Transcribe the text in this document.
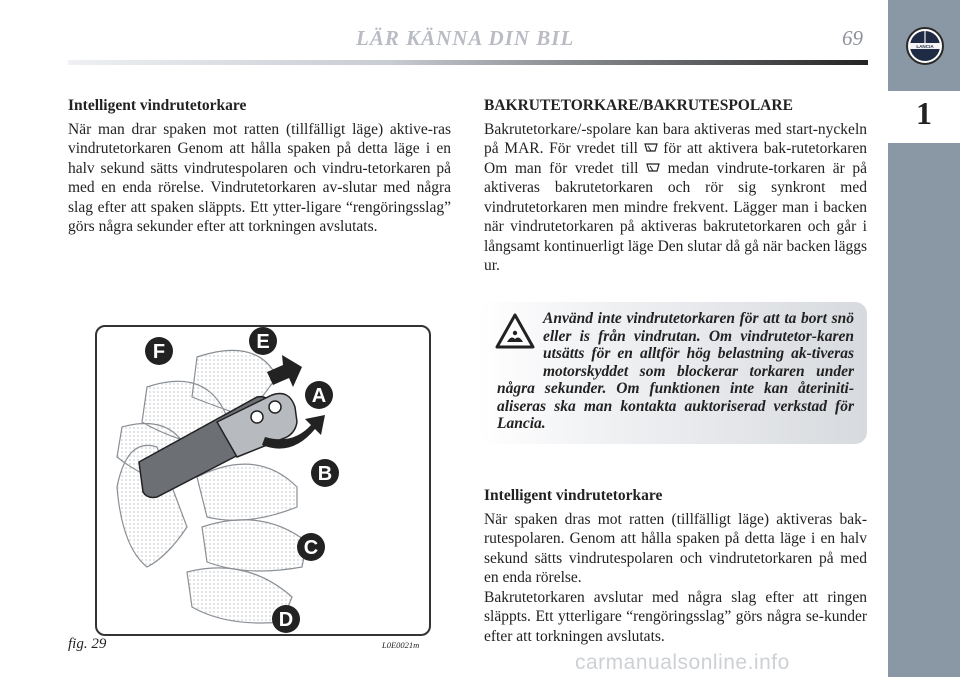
LÄR KÄNNA DIN BIL	69
1
LANCIA
Intelligent vindrutetorkare

När man drar spaken mot ratten (tillfälligt läge) aktive-ras vindrutetorkaren Genom att hålla spaken på detta läge i en halv sekund sätts vindrutespolaren och vindru-tetorkaren på med en enda rörelse. Vindrutetorkaren av-slutar med några slag efter att spaken släppts. Ett ytter-ligare “rengöringsslag” görs några sekunder efter att torkningen avslutats.

BAKRUTETORKARE/BAKRUTESPOLARE

Bakrutetorkare/-spolare kan bara aktiveras med start-nyckeln på MAR. För vredet till  för att aktivera bak-rutetorkaren Om man för vredet till  medan vindrute-torkaren är på aktiveras bakrutetorkaren och rör sig synkront med vindrutetorkaren men mindre frekvent. Lägger man i backen när vindrutetorkaren på aktiveras bakrutetorkaren och går i långsamt kontinuerligt läge Den slutar då gå när backen läggs ur.

Använd inte vindrutetorkaren för att ta bort snö eller is från vindrutan. Om vindrutetor-karen utsätts för en alltför hög belastning ak-tiveras motorskyddet som blockerar torkaren under några sekunder. Om funktionen inte kan återiniti-aliseras ska man kontakta auktoriserad verkstad för Lancia.
Intelligent vindrutetorkare

När spaken dras mot ratten (tillfälligt läge) aktiveras bak-rutespolaren. Genom att hålla spaken på detta läge i en halv sekund sätts vindrutespolaren och vindrutetorkaren på med en enda rörelse.

Bakrutetorkaren avslutar med några slag efter att ringen släppts. Ett ytterligare “rengöringsslag” görs några se-kunder efter att torkningen avslutats.

F	E
A
B
C
D
fig. 29	L0E0021m
carmanualsonline.info
